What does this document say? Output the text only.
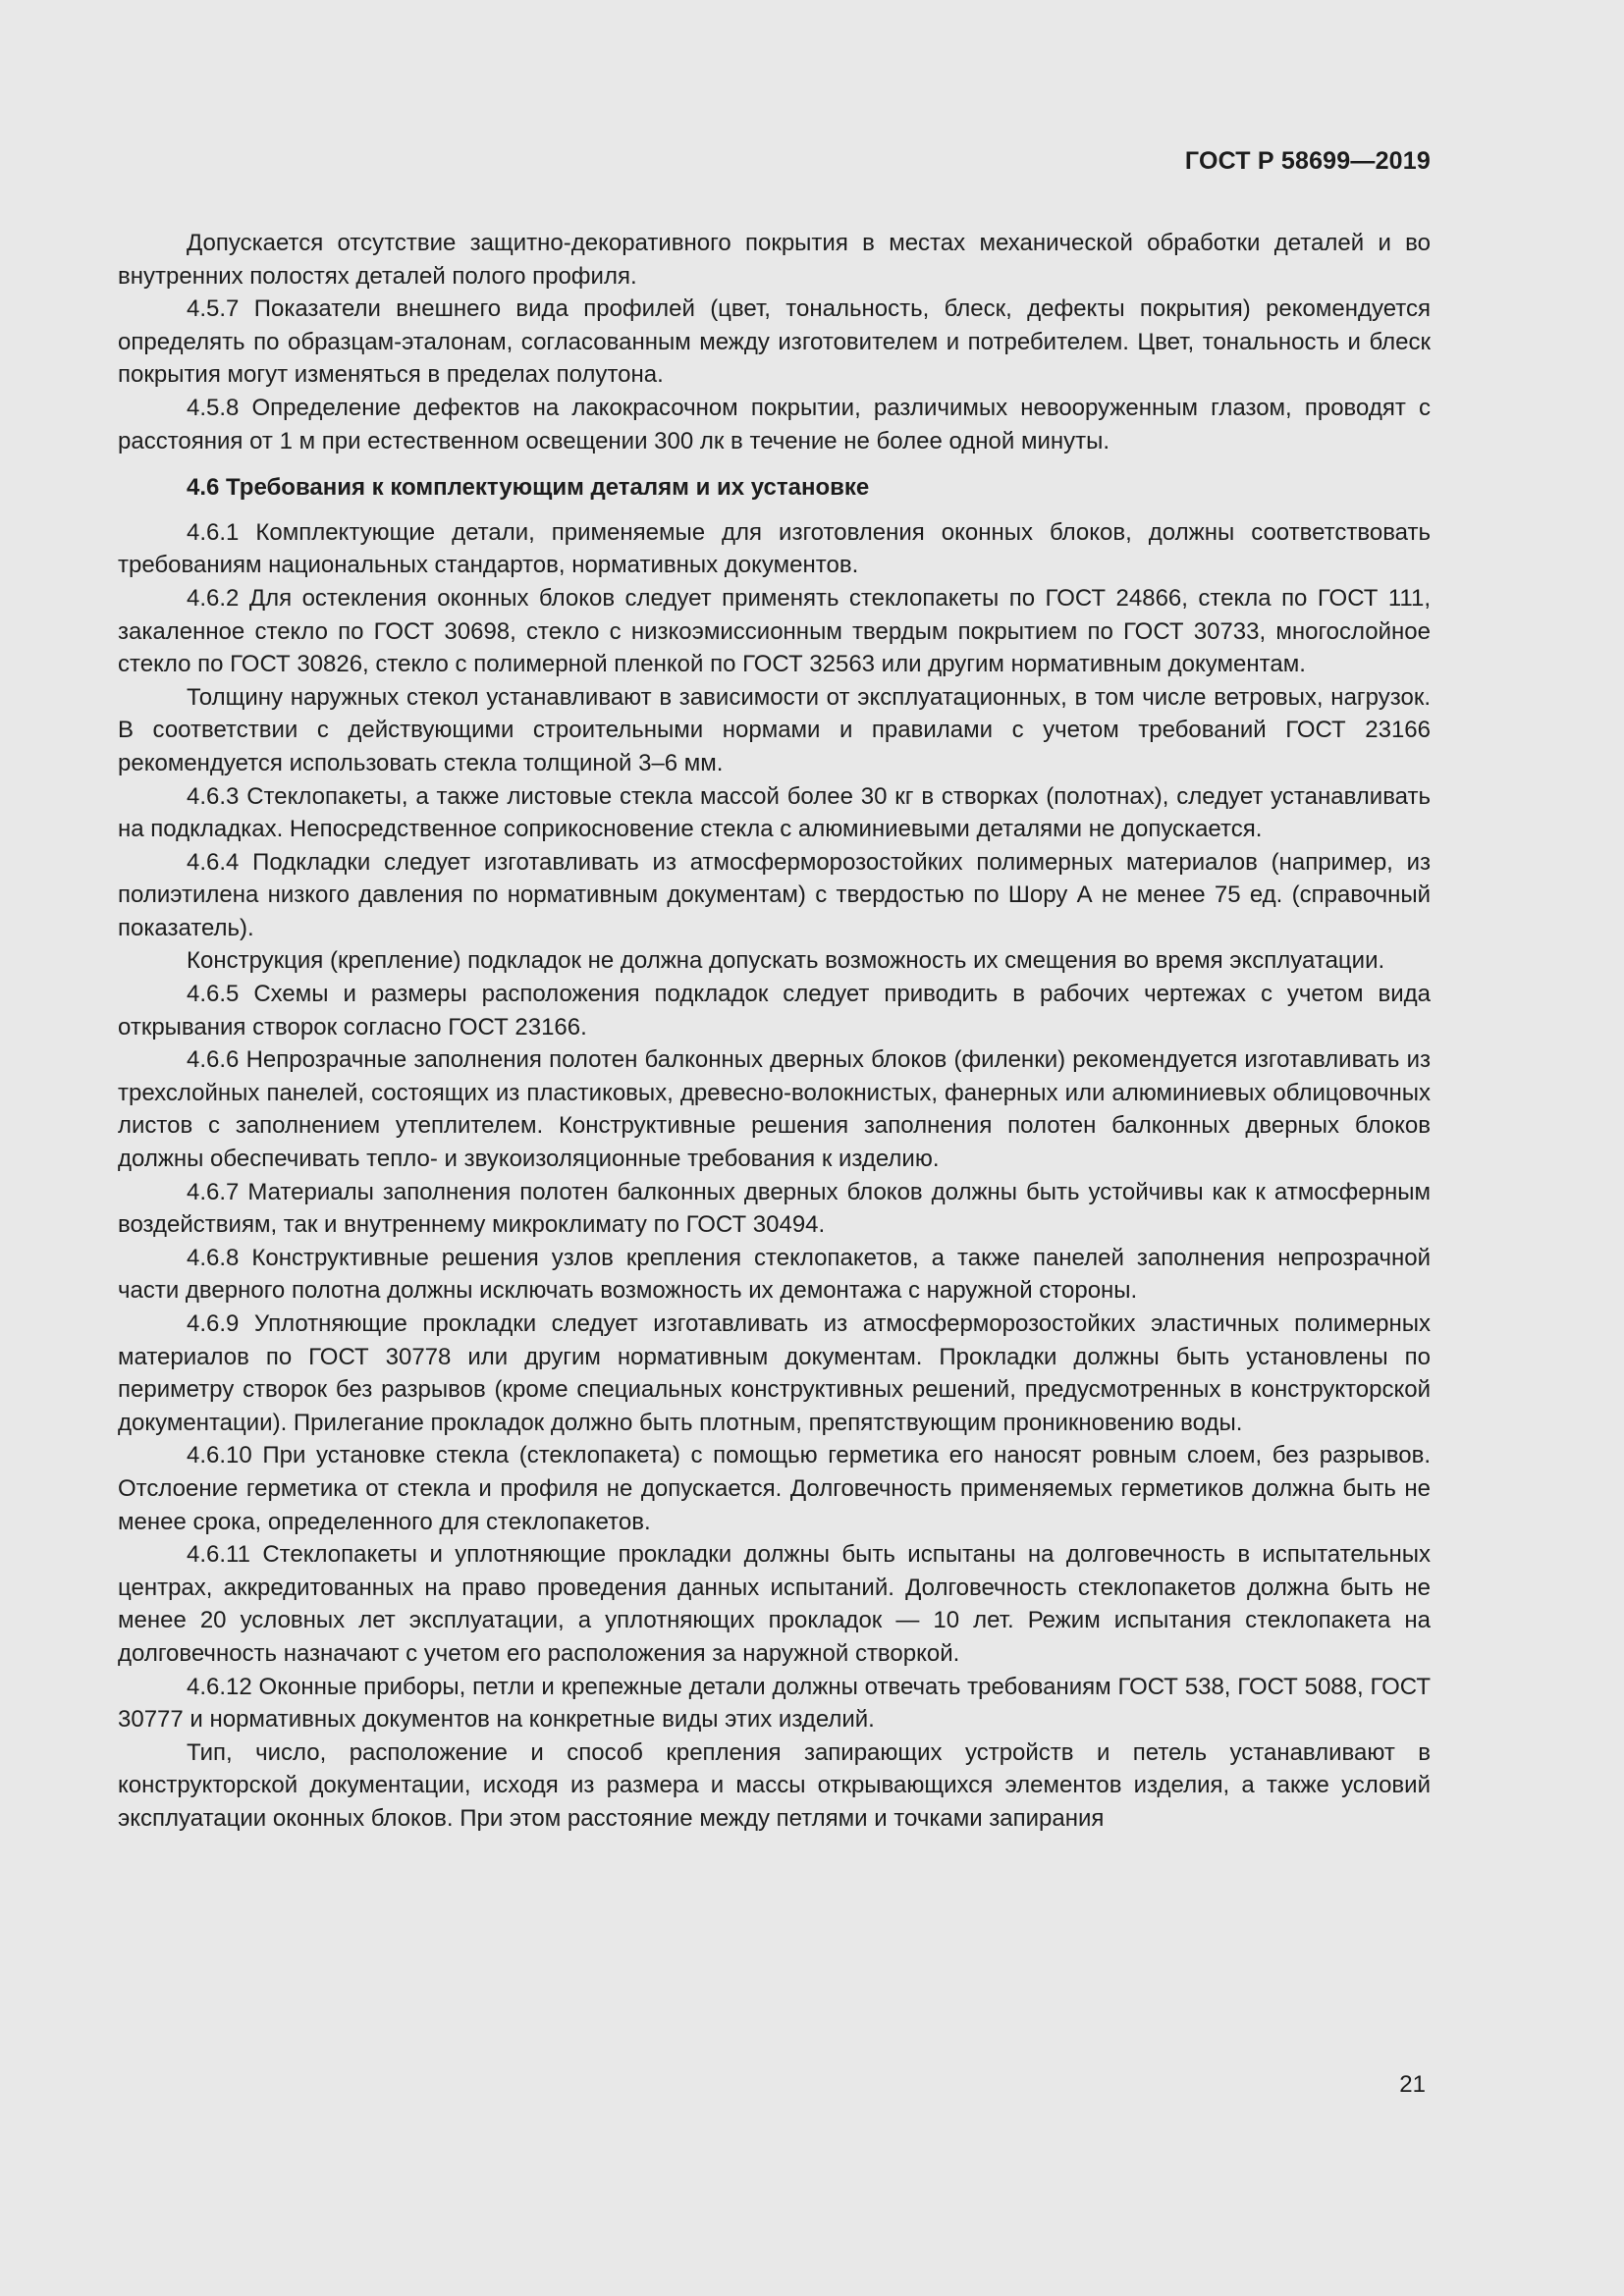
ГОСТ Р 58699—2019

Допускается отсутствие защитно-декоративного покрытия в местах механической обработки деталей и во внутренних полостях деталей полого профиля.

4.5.7 Показатели внешнего вида профилей (цвет, тональность, блеск, дефекты покрытия) рекомендуется определять по образцам-эталонам, согласованным между изготовителем и потребителем. Цвет, тональность и блеск покрытия могут изменяться в пределах полутона.

4.5.8 Определение дефектов на лакокрасочном покрытии, различимых невооруженным глазом, проводят с расстояния от 1 м при естественном освещении 300 лк в течение не более одной минуты.

4.6 Требования к комплектующим деталям и их установке

4.6.1 Комплектующие детали, применяемые для изготовления оконных блоков, должны соответствовать требованиям национальных стандартов, нормативных документов.

4.6.2 Для остекления оконных блоков следует применять стеклопакеты по ГОСТ 24866, стекла по ГОСТ 111, закаленное стекло по ГОСТ 30698, стекло с низкоэмиссионным твердым покрытием по ГОСТ 30733, многослойное стекло по ГОСТ 30826, стекло с полимерной пленкой по ГОСТ 32563 или другим нормативным документам.

Толщину наружных стекол устанавливают в зависимости от эксплуатационных, в том числе ветровых, нагрузок. В соответствии с действующими строительными нормами и правилами с учетом требований ГОСТ 23166 рекомендуется использовать стекла толщиной 3–6 мм.

4.6.3 Стеклопакеты, а также листовые стекла массой более 30 кг в створках (полотнах), следует устанавливать на подкладках. Непосредственное соприкосновение стекла с алюминиевыми деталями не допускается.

4.6.4 Подкладки следует изготавливать из атмосферморозостойких полимерных материалов (например, из полиэтилена низкого давления по нормативным документам) с твердостью по Шору А не менее 75 ед. (справочный показатель).

Конструкция (крепление) подкладок не должна допускать возможность их смещения во время эксплуатации.

4.6.5 Схемы и размеры расположения подкладок следует приводить в рабочих чертежах с учетом вида открывания створок согласно ГОСТ 23166.

4.6.6 Непрозрачные заполнения полотен балконных дверных блоков (филенки) рекомендуется изготавливать из трехслойных панелей, состоящих из пластиковых, древесно-волокнистых, фанерных или алюминиевых облицовочных листов с заполнением утеплителем. Конструктивные решения заполнения полотен балконных дверных блоков должны обеспечивать тепло- и звукоизоляционные требования к изделию.

4.6.7 Материалы заполнения полотен балконных дверных блоков должны быть устойчивы как к атмосферным воздействиям, так и внутреннему микроклимату по ГОСТ 30494.

4.6.8 Конструктивные решения узлов крепления стеклопакетов, а также панелей заполнения непрозрачной части дверного полотна должны исключать возможность их демонтажа с наружной стороны.

4.6.9 Уплотняющие прокладки следует изготавливать из атмосферморозостойких эластичных полимерных материалов по ГОСТ 30778 или другим нормативным документам. Прокладки должны быть установлены по периметру створок без разрывов (кроме специальных конструктивных решений, предусмотренных в конструкторской документации). Прилегание прокладок должно быть плотным, препятствующим проникновению воды.

4.6.10 При установке стекла (стеклопакета) с помощью герметика его наносят ровным слоем, без разрывов. Отслоение герметика от стекла и профиля не допускается. Долговечность применяемых герметиков должна быть не менее срока, определенного для стеклопакетов.

4.6.11 Стеклопакеты и уплотняющие прокладки должны быть испытаны на долговечность в испытательных центрах, аккредитованных на право проведения данных испытаний. Долговечность стеклопакетов должна быть не менее 20 условных лет эксплуатации, а уплотняющих прокладок — 10 лет. Режим испытания стеклопакета на долговечность назначают с учетом его расположения за наружной створкой.

4.6.12 Оконные приборы, петли и крепежные детали должны отвечать требованиям ГОСТ 538, ГОСТ 5088, ГОСТ 30777 и нормативных документов на конкретные виды этих изделий.

Тип, число, расположение и способ крепления запирающих устройств и петель устанавливают в конструкторской документации, исходя из размера и массы открывающихся элементов изделия, а также условий эксплуатации оконных блоков. При этом расстояние между петлями и точками запирания

21
